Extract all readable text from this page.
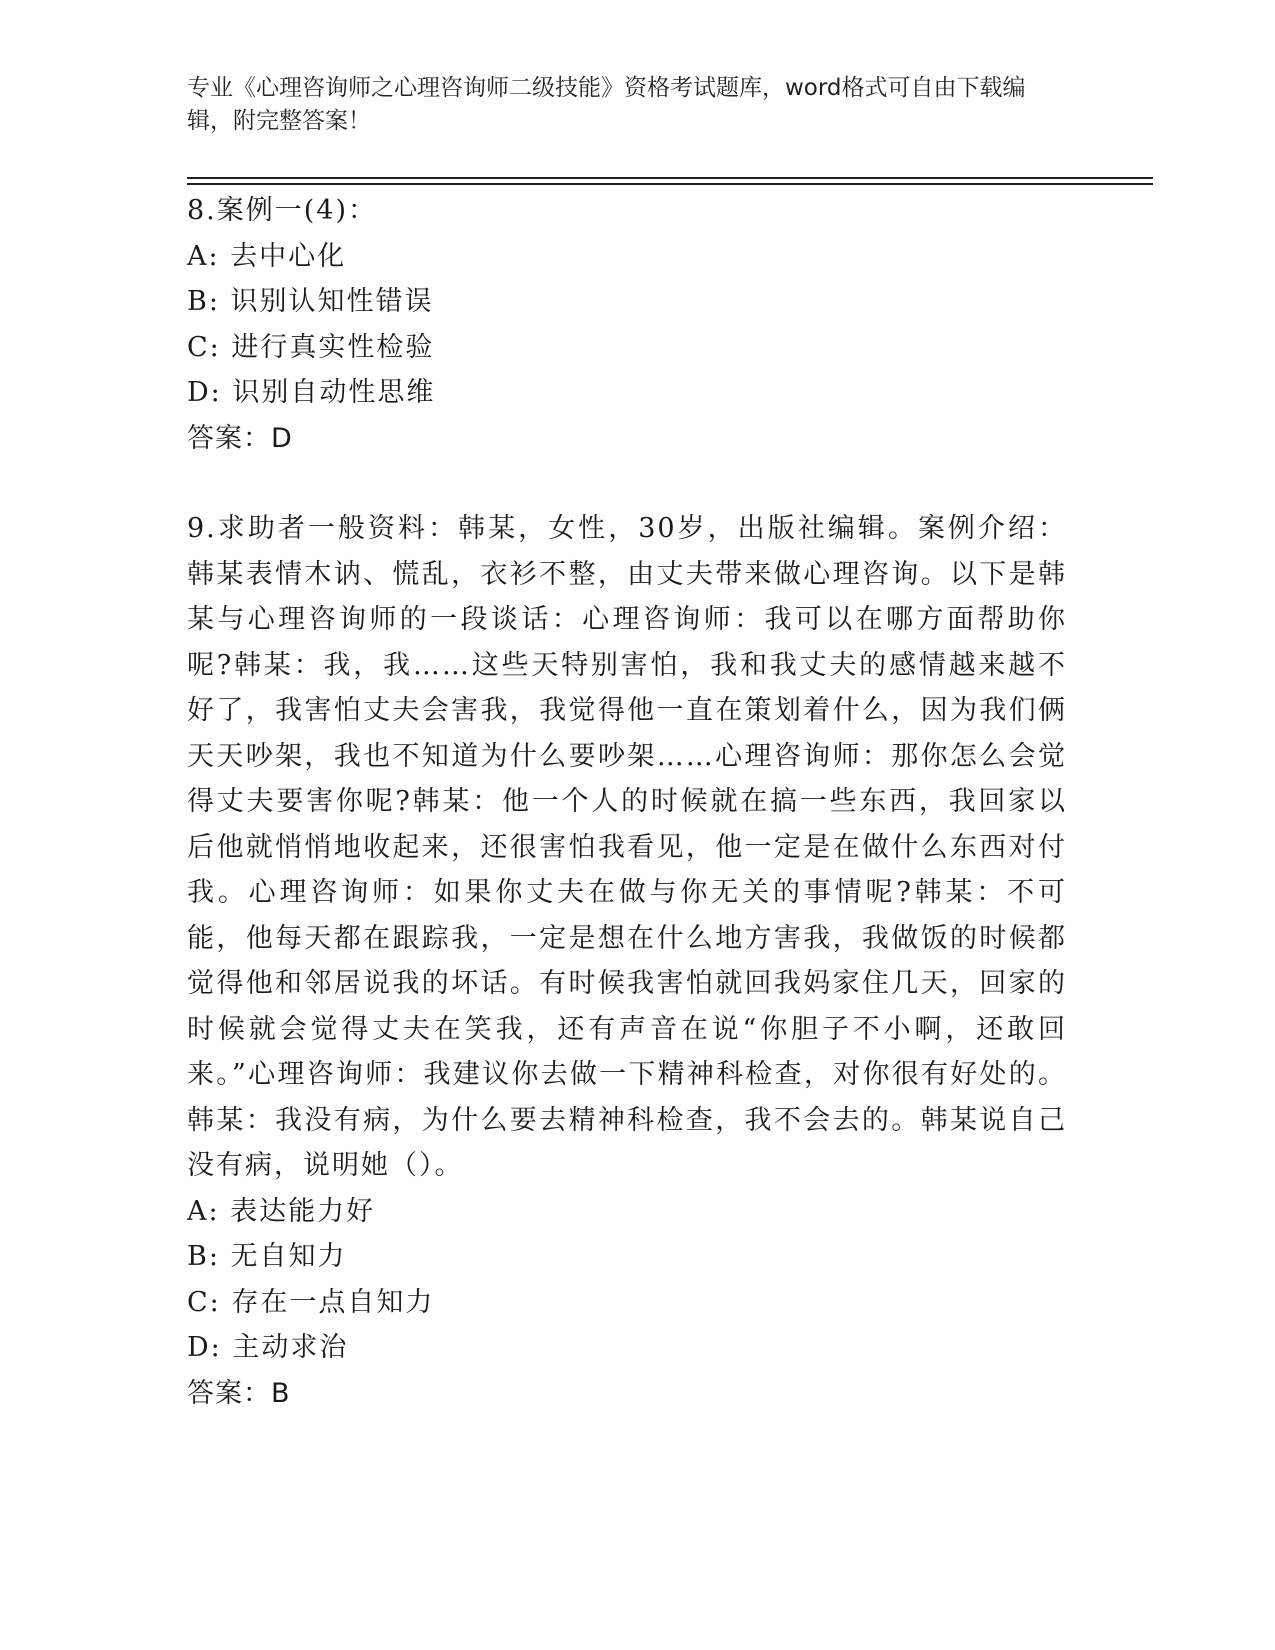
专业《心理咨询师之心理咨询师二级技能》资格考试题库，word格式可自由下载编辑，附完整答案！

8.案例一(4)：

A: 去中心化

B: 识别认知性错误

C: 进行真实性检验

D: 识别自动性思维

答案：D

9.求助者一般资料：韩某，女性，30岁，出版社编辑。案例介绍：韩某表情木讷、慌乱，衣衫不整，由丈夫带来做心理咨询。以下是韩某与心理咨询师的一段谈话：心理咨询师：我可以在哪方面帮助你呢?韩某：我，我……这些天特别害怕，我和我丈夫的感情越来越不好了，我害怕丈夫会害我，我觉得他一直在策划着什么，因为我们俩天天吵架，我也不知道为什么要吵架……心理咨询师：那你怎么会觉得丈夫要害你呢?韩某：他一个人的时候就在搞一些东西，我回家以后他就悄悄地收起来，还很害怕我看见，他一定是在做什么东西对付我。心理咨询师：如果你丈夫在做与你无关的事情呢?韩某：不可能，他每天都在跟踪我，一定是想在什么地方害我，我做饭的时候都觉得他和邻居说我的坏话。有时候我害怕就回我妈家住几天，回家的时候就会觉得丈夫在笑我，还有声音在说“你胆子不小啊，还敢回来。”心理咨询师：我建议你去做一下精神科检查，对你很有好处的。韩某：我没有病，为什么要去精神科检查，我不会去的。韩某说自己没有病，说明她（）。

A: 表达能力好

B: 无自知力

C: 存在一点自知力

D: 主动求治

答案：B
